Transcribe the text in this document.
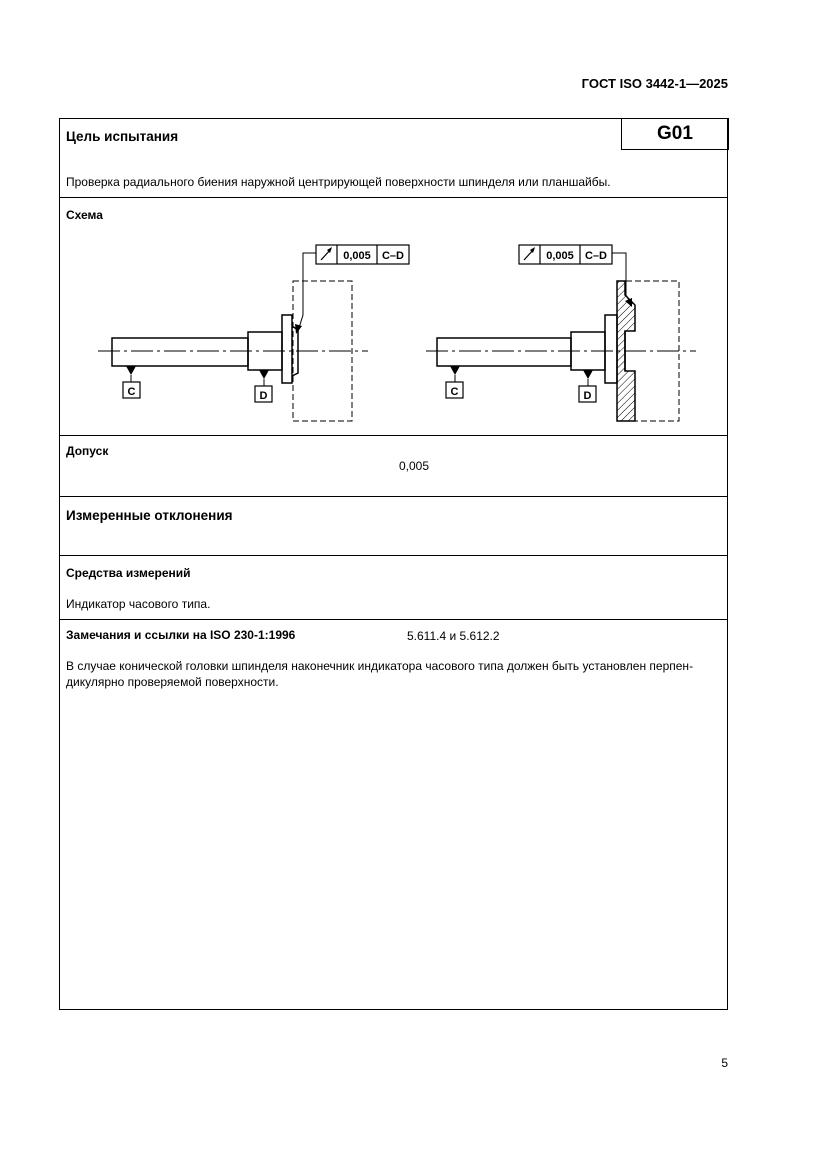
ГОСТ ISO 3442-1—2025
Цель испытания	G01
Проверка радиального биения наружной центрирующей поверхности шпинделя или планшайбы.
Схема
0,005 C–D
C	D
0,005 C–D
C	D
Допуск
0,005
Измеренные отклонения
Средства измерений
Индикатор часового типа.
Замечания и ссылки на ISO 230-1:1996	5.611.4 и 5.612.2
В случае конической головки шпинделя наконечник индикатора часового типа должен быть установлен перпен-
дикулярно проверяемой поверхности.
5
